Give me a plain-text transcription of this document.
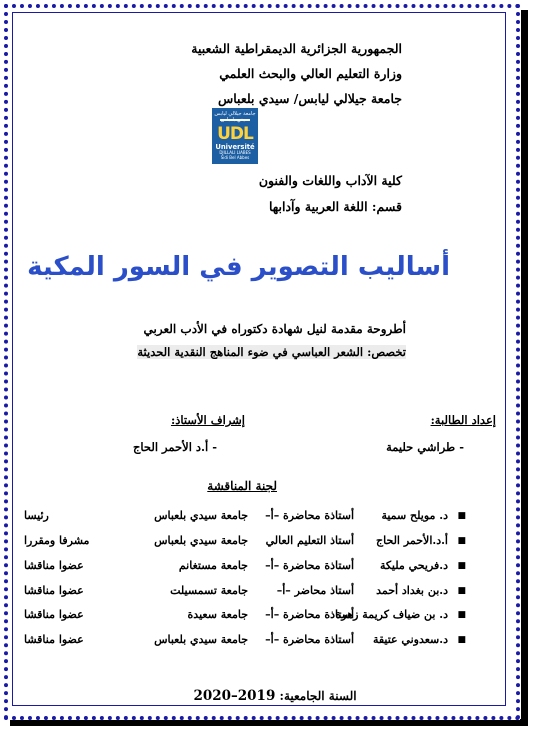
الجمهورية الجزائرية الديمقراطية الشعبية
وزارة التعليم العالي والبحث العلمي
جامعة جيلالي ليابس/ سيدي بلعباس
جامعة جيلالي ليابس
UDL
Université
DJILLALI LIABES
Sidi Bel Abbes
كلية الآداب واللغات والفنون
قسم: اللغة العربية وآدابها
أساليب التصوير في السور المكية
أطروحة مقدمة لنيل شهادة دكتوراه في الأدب العربي
تخصص: الشعر العباسي في ضوء المناهج النقدية الحديثة
إعداد الطالبة:
- طراشي حليمة
إشراف الأستاذ:
- أ.د الأحمر الحاج
لجنة المناقشة
■
د. مويلح سمية
أستاذة محاضرة –أ–
جامعة سيدي بلعباس
رئيسا
■
أ.د.الأحمر الحاج
أستاذ التعليم العالي
جامعة سيدي بلعباس
مشرفا ومقررا
■
د.فريحي مليكة
أستاذة محاضرة –أ–
جامعة مستغانم
عضوا مناقشا
■
د.بن بغداد أحمد
أستاذ محاضر –أ–
جامعة تسمسيلت
عضوا مناقشا
■
د. بن ضياف كريمة زهرة
أستاذة محاضرة –أ–
جامعة سعيدة
عضوا مناقشا
■
د.سعدوني عتيقة
أستاذة محاضرة –أ–
جامعة سيدي بلعباس
عضوا مناقشا
السنة الجامعية: 2019–2020
